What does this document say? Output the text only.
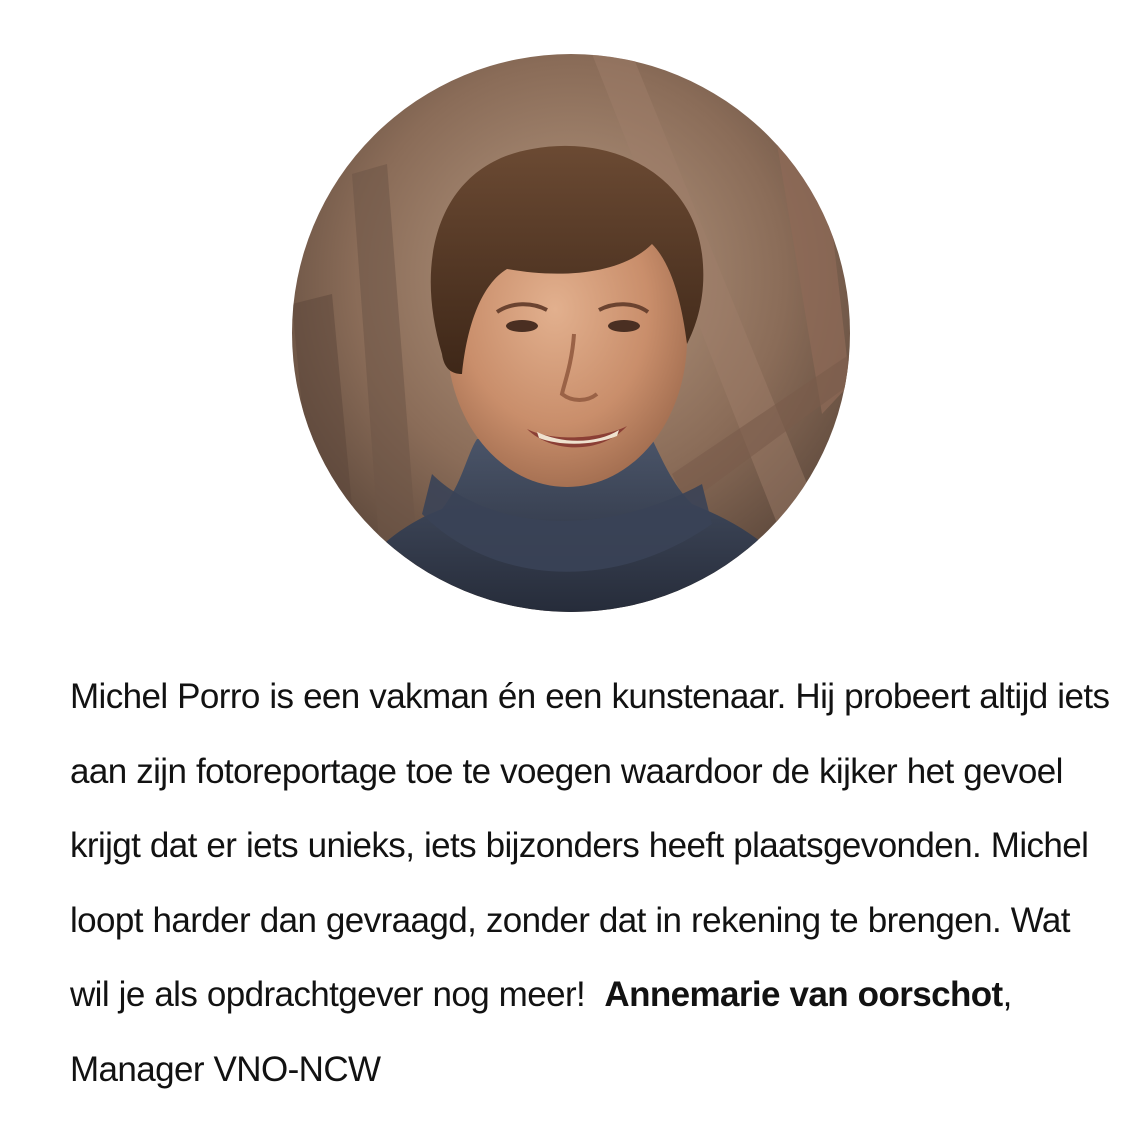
Michel Porro is een vakman én een kunstenaar. Hij probeert altijd iets aan zijn fotoreportage toe te voegen waardoor de kijker het gevoel krijgt dat er iets unieks, iets bijzonders heeft plaatsgevonden. Michel loopt harder dan gevraagd, zonder dat in rekening te brengen. Wat wil je als opdrachtgever nog meer! Annemarie van oorschot, Manager VNO-NCW
